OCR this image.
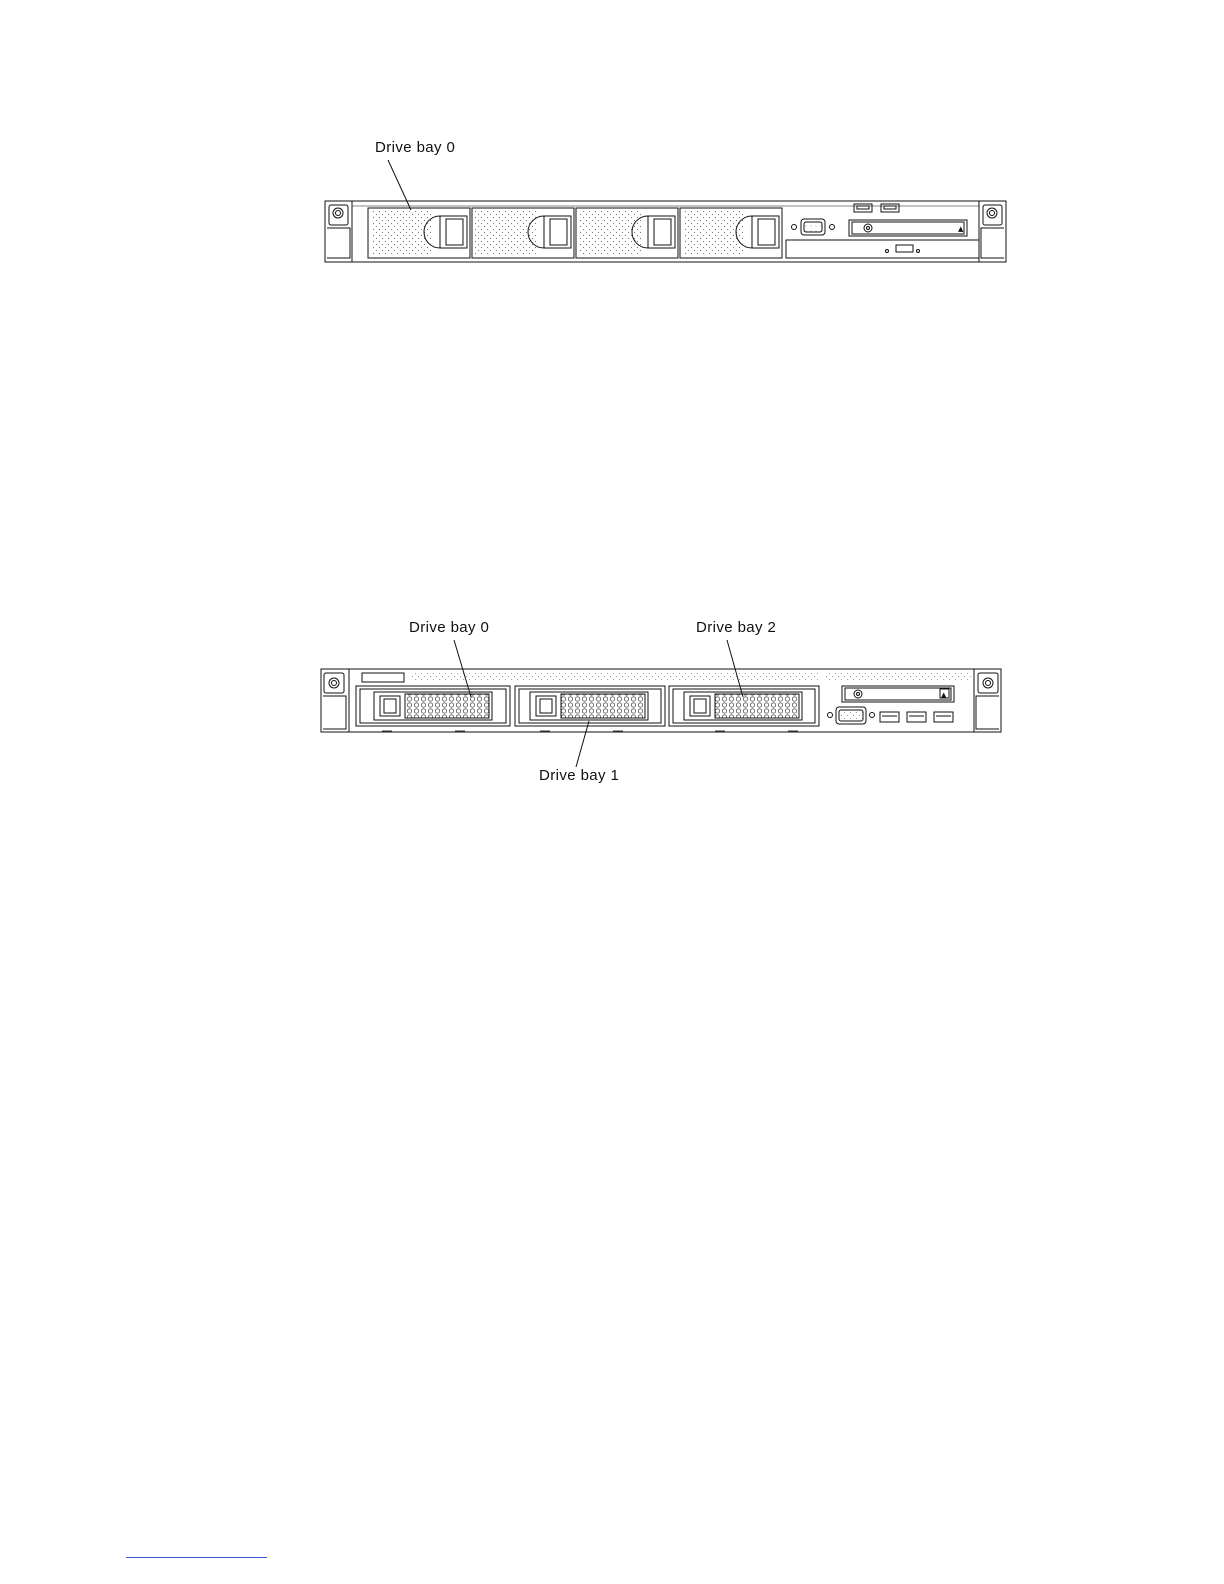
Drive bay 0
▲
Drive bay 0	Drive bay 2
Drive bay 1
▲
